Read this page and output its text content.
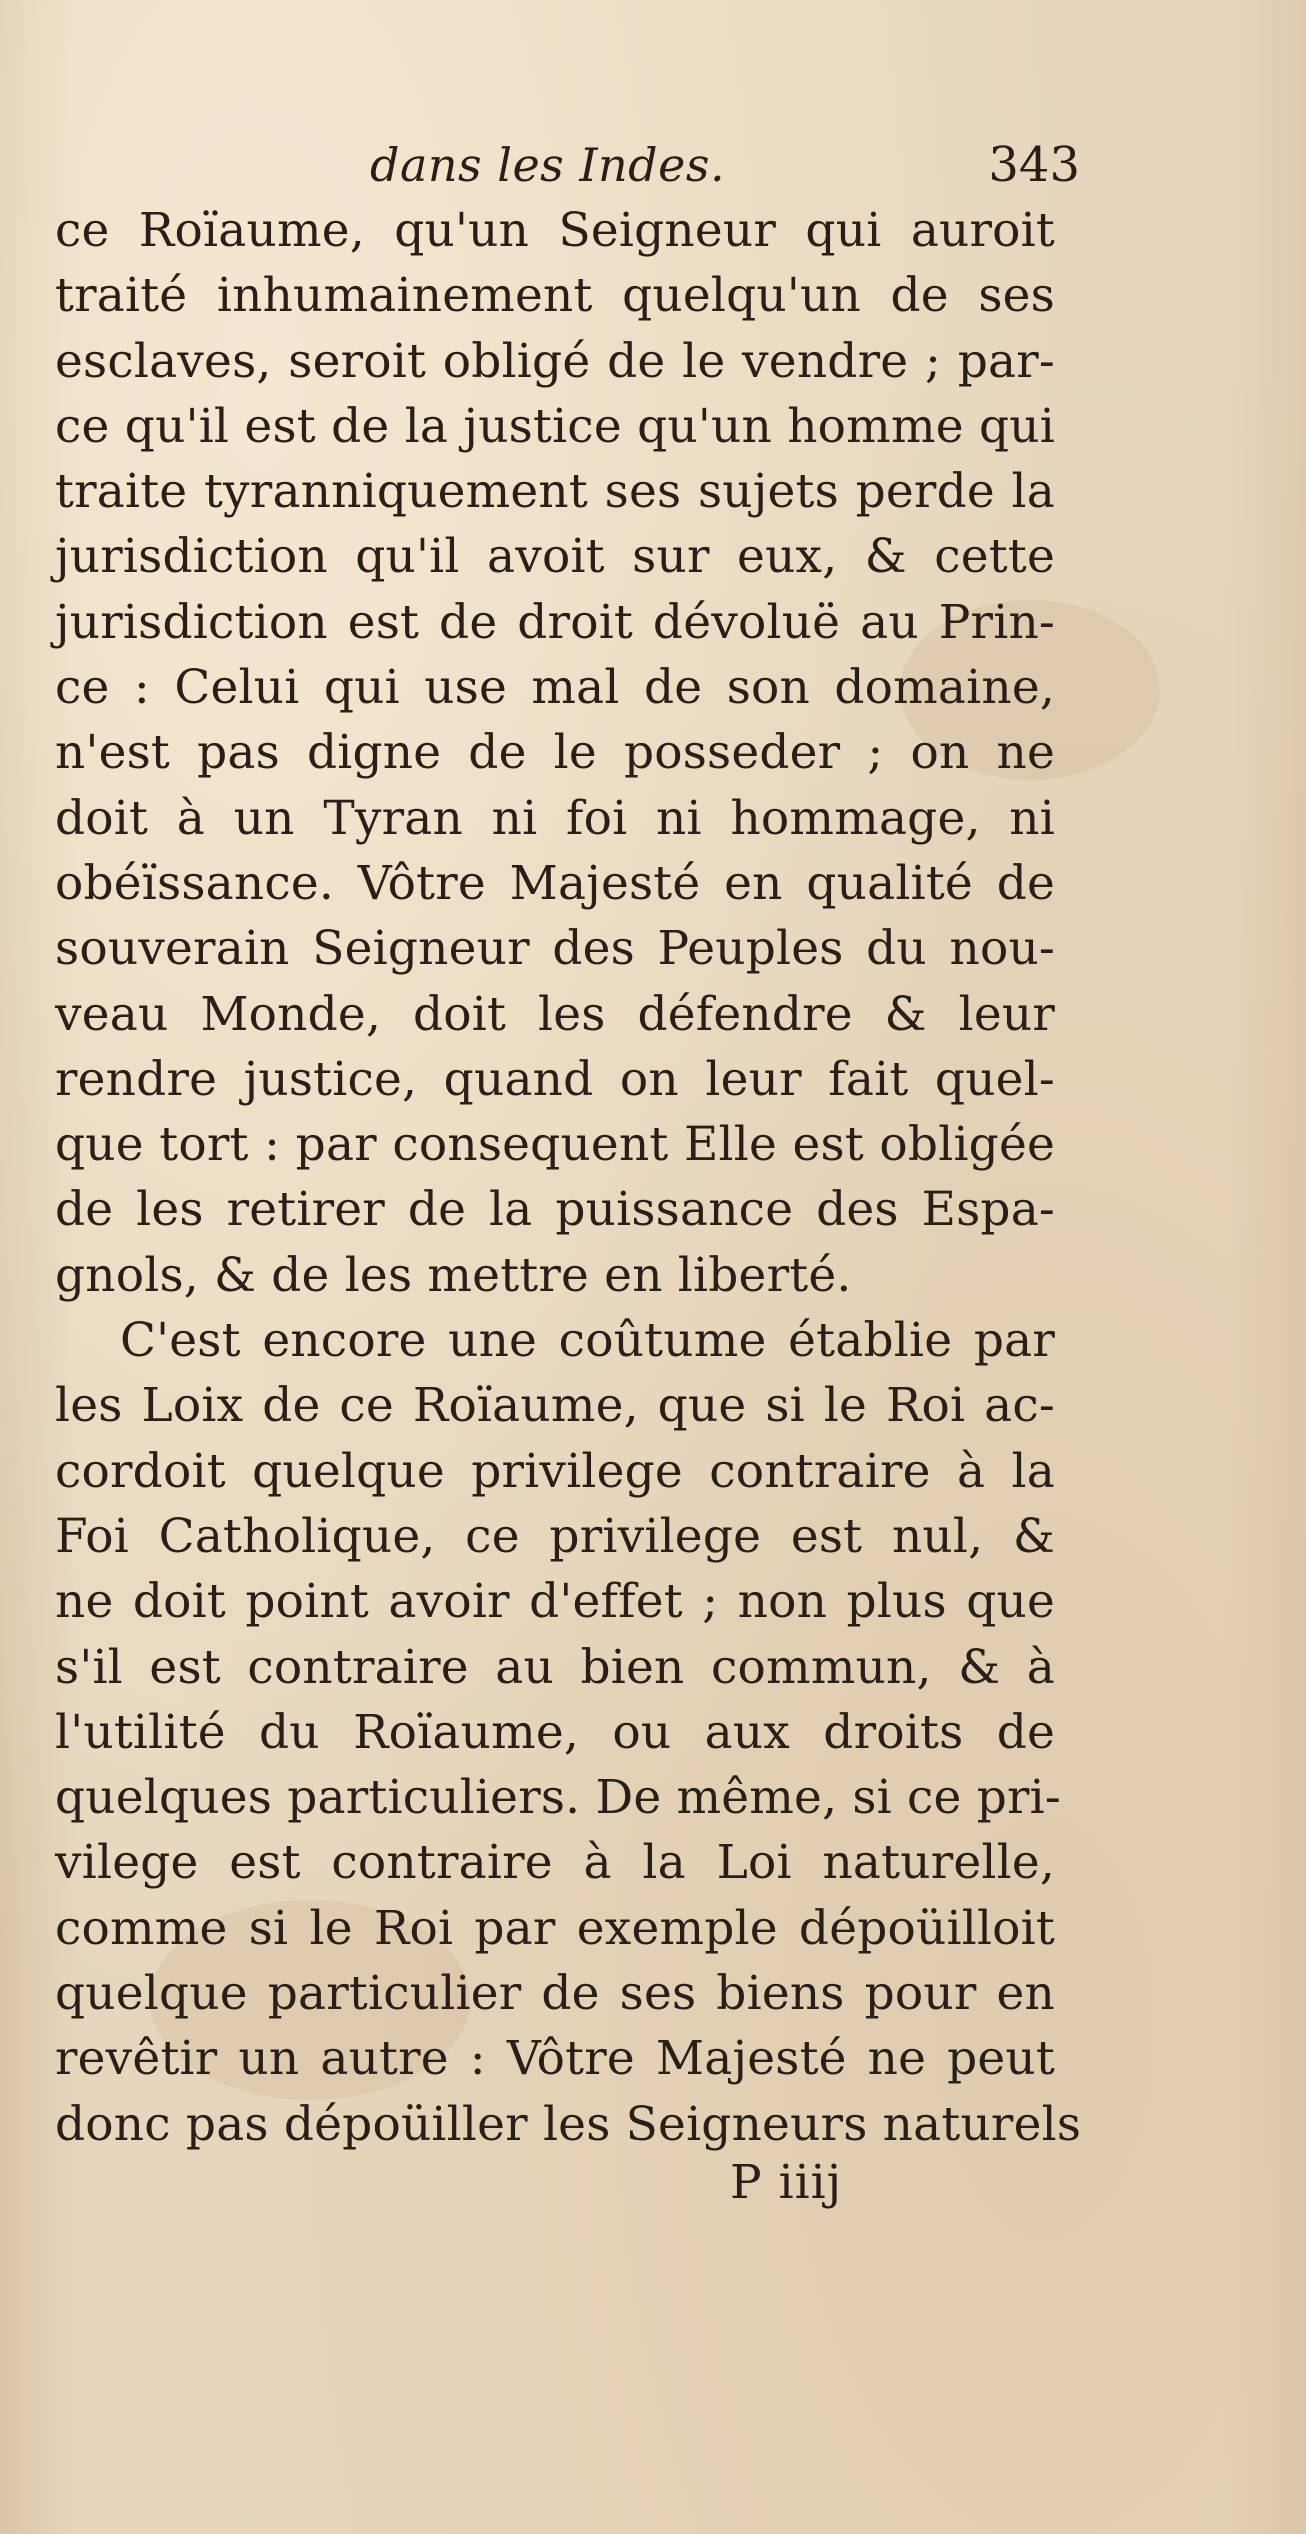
dans les Indes.	343
ce Roïaume, qu'un Seigneur qui auroit
traité inhumainement quelqu'un de ses
esclaves, seroit obligé de le vendre ; par-
ce qu'il est de la justice qu'un homme qui
traite tyranniquement ses sujets perde la
jurisdiction qu'il avoit sur eux, & cette
jurisdiction est de droit dévoluë au Prin-
ce : Celui qui use mal de son domaine,
n'est pas digne de le posseder ; on ne
doit à un Tyran ni foi ni hommage, ni
obéïssance. Vôtre Majesté en qualité de
souverain Seigneur des Peuples du nou-
veau Monde, doit les défendre & leur
rendre justice, quand on leur fait quel-
que tort : par consequent Elle est obligée
de les retirer de la puissance des Espa-
gnols, & de les mettre en liberté.
C'est encore une coûtume établie par
les Loix de ce Roïaume, que si le Roi ac-
cordoit quelque privilege contraire à la
Foi Catholique, ce privilege est nul, &
ne doit point avoir d'effet ; non plus que
s'il est contraire au bien commun, & à
l'utilité du Roïaume, ou aux droits de
quelques particuliers. De même, si ce pri-
vilege est contraire à la Loi naturelle,
comme si le Roi par exemple dépoüilloit
quelque particulier de ses biens pour en
revêtir un autre : Vôtre Majesté ne peut
donc pas dépoüiller les Seigneurs naturels
P iiij
